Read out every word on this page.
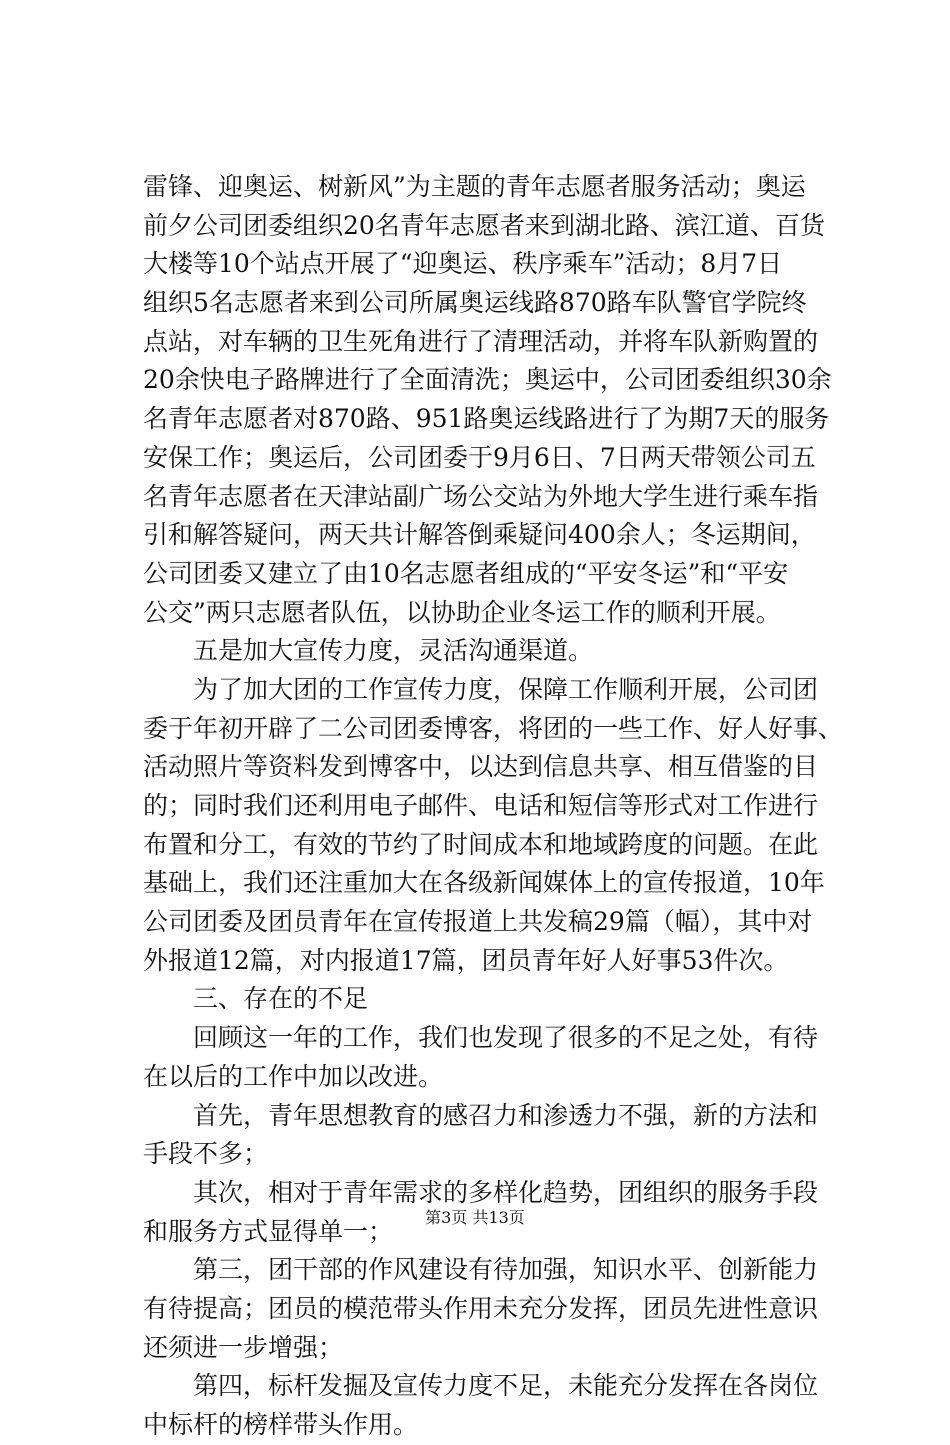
雷锋、迎奥运、树新风”为主题的青年志愿者服务活动；奥运
前夕公司团委组织20名青年志愿者来到湖北路、滨江道、百货
大楼等10个站点开展了“迎奥运、秩序乘车”活动；8月7日
组织5名志愿者来到公司所属奥运线路870路车队警官学院终
点站，对车辆的卫生死角进行了清理活动，并将车队新购置的
20余快电子路牌进行了全面清洗；奥运中，公司团委组织30余
名青年志愿者对870路、951路奥运线路进行了为期7天的服务
安保工作；奥运后，公司团委于9月6日、7日两天带领公司五
名青年志愿者在天津站副广场公交站为外地大学生进行乘车指
引和解答疑问，两天共计解答倒乘疑问400余人；冬运期间，
公司团委又建立了由10名志愿者组成的“平安冬运”和“平安
公交”两只志愿者队伍，以协助企业冬运工作的顺利开展。
　　五是加大宣传力度，灵活沟通渠道。
　　为了加大团的工作宣传力度，保障工作顺利开展，公司团
委于年初开辟了二公司团委博客，将团的一些工作、好人好事、
活动照片等资料发到博客中，以达到信息共享、相互借鉴的目
的；同时我们还利用电子邮件、电话和短信等形式对工作进行
布置和分工，有效的节约了时间成本和地域跨度的问题。在此
基础上，我们还注重加大在各级新闻媒体上的宣传报道，10年
公司团委及团员青年在宣传报道上共发稿29篇（幅），其中对
外报道12篇，对内报道17篇，团员青年好人好事53件次。
　　三、存在的不足
　　回顾这一年的工作，我们也发现了很多的不足之处，有待
在以后的工作中加以改进。
　　首先，青年思想教育的感召力和渗透力不强，新的方法和
手段不多；
　　其次，相对于青年需求的多样化趋势，团组织的服务手段
和服务方式显得单一；
　　第三，团干部的作风建设有待加强，知识水平、创新能力
有待提高；团员的模范带头作用未充分发挥，团员先进性意识
还须进一步增强；
　　第四，标杆发掘及宣传力度不足，未能充分发挥在各岗位
中标杆的榜样带头作用。
第3页 共13页
